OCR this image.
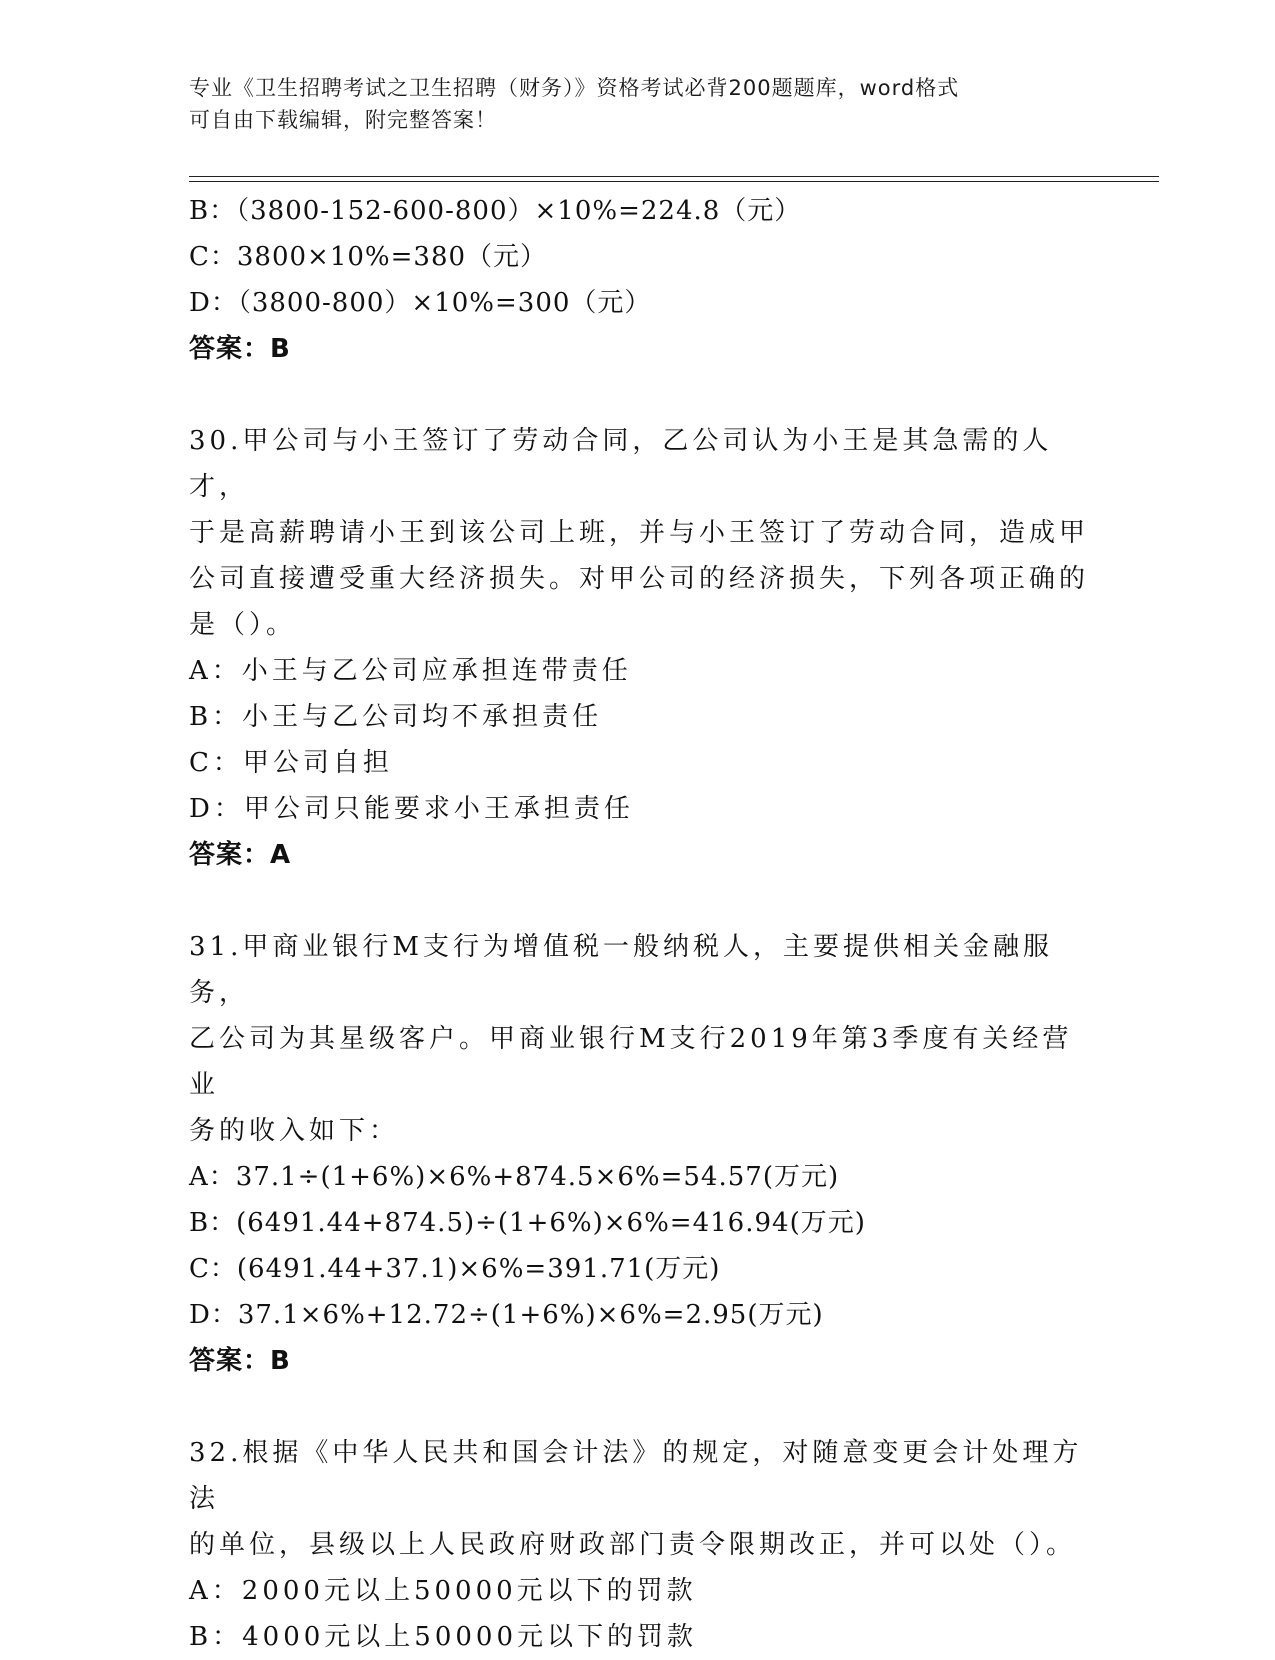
专业《卫生招聘考试之卫生招聘（财务）》资格考试必背200题题库，word格式
可自由下载编辑，附完整答案！
B：（3800-152-600-800）×10%=224.8（元）
C：3800×10%=380（元）
D：（3800-800）×10%=300（元）
答案：B
30.甲公司与小王签订了劳动合同，乙公司认为小王是其急需的人才，
于是高薪聘请小王到该公司上班，并与小王签订了劳动合同，造成甲
公司直接遭受重大经济损失。对甲公司的经济损失，下列各项正确的
是（）。
A：小王与乙公司应承担连带责任
B：小王与乙公司均不承担责任
C：甲公司自担
D：甲公司只能要求小王承担责任
答案：A
31.甲商业银行M支行为增值税一般纳税人，主要提供相关金融服务，
乙公司为其星级客户。甲商业银行M支行2019年第3季度有关经营业
务的收入如下：
A：37.1÷(1+6%)×6%+874.5×6%=54.57(万元)
B：(6491.44+874.5)÷(1+6%)×6%=416.94(万元)
C：(6491.44+37.1)×6%=391.71(万元)
D：37.1×6%+12.72÷(1+6%)×6%=2.95(万元)
答案：B
32.根据《中华人民共和国会计法》的规定，对随意变更会计处理方法
的单位，县级以上人民政府财政部门责令限期改正，并可以处（）。
A：2000元以上50000元以下的罚款
B：4000元以上50000元以下的罚款
